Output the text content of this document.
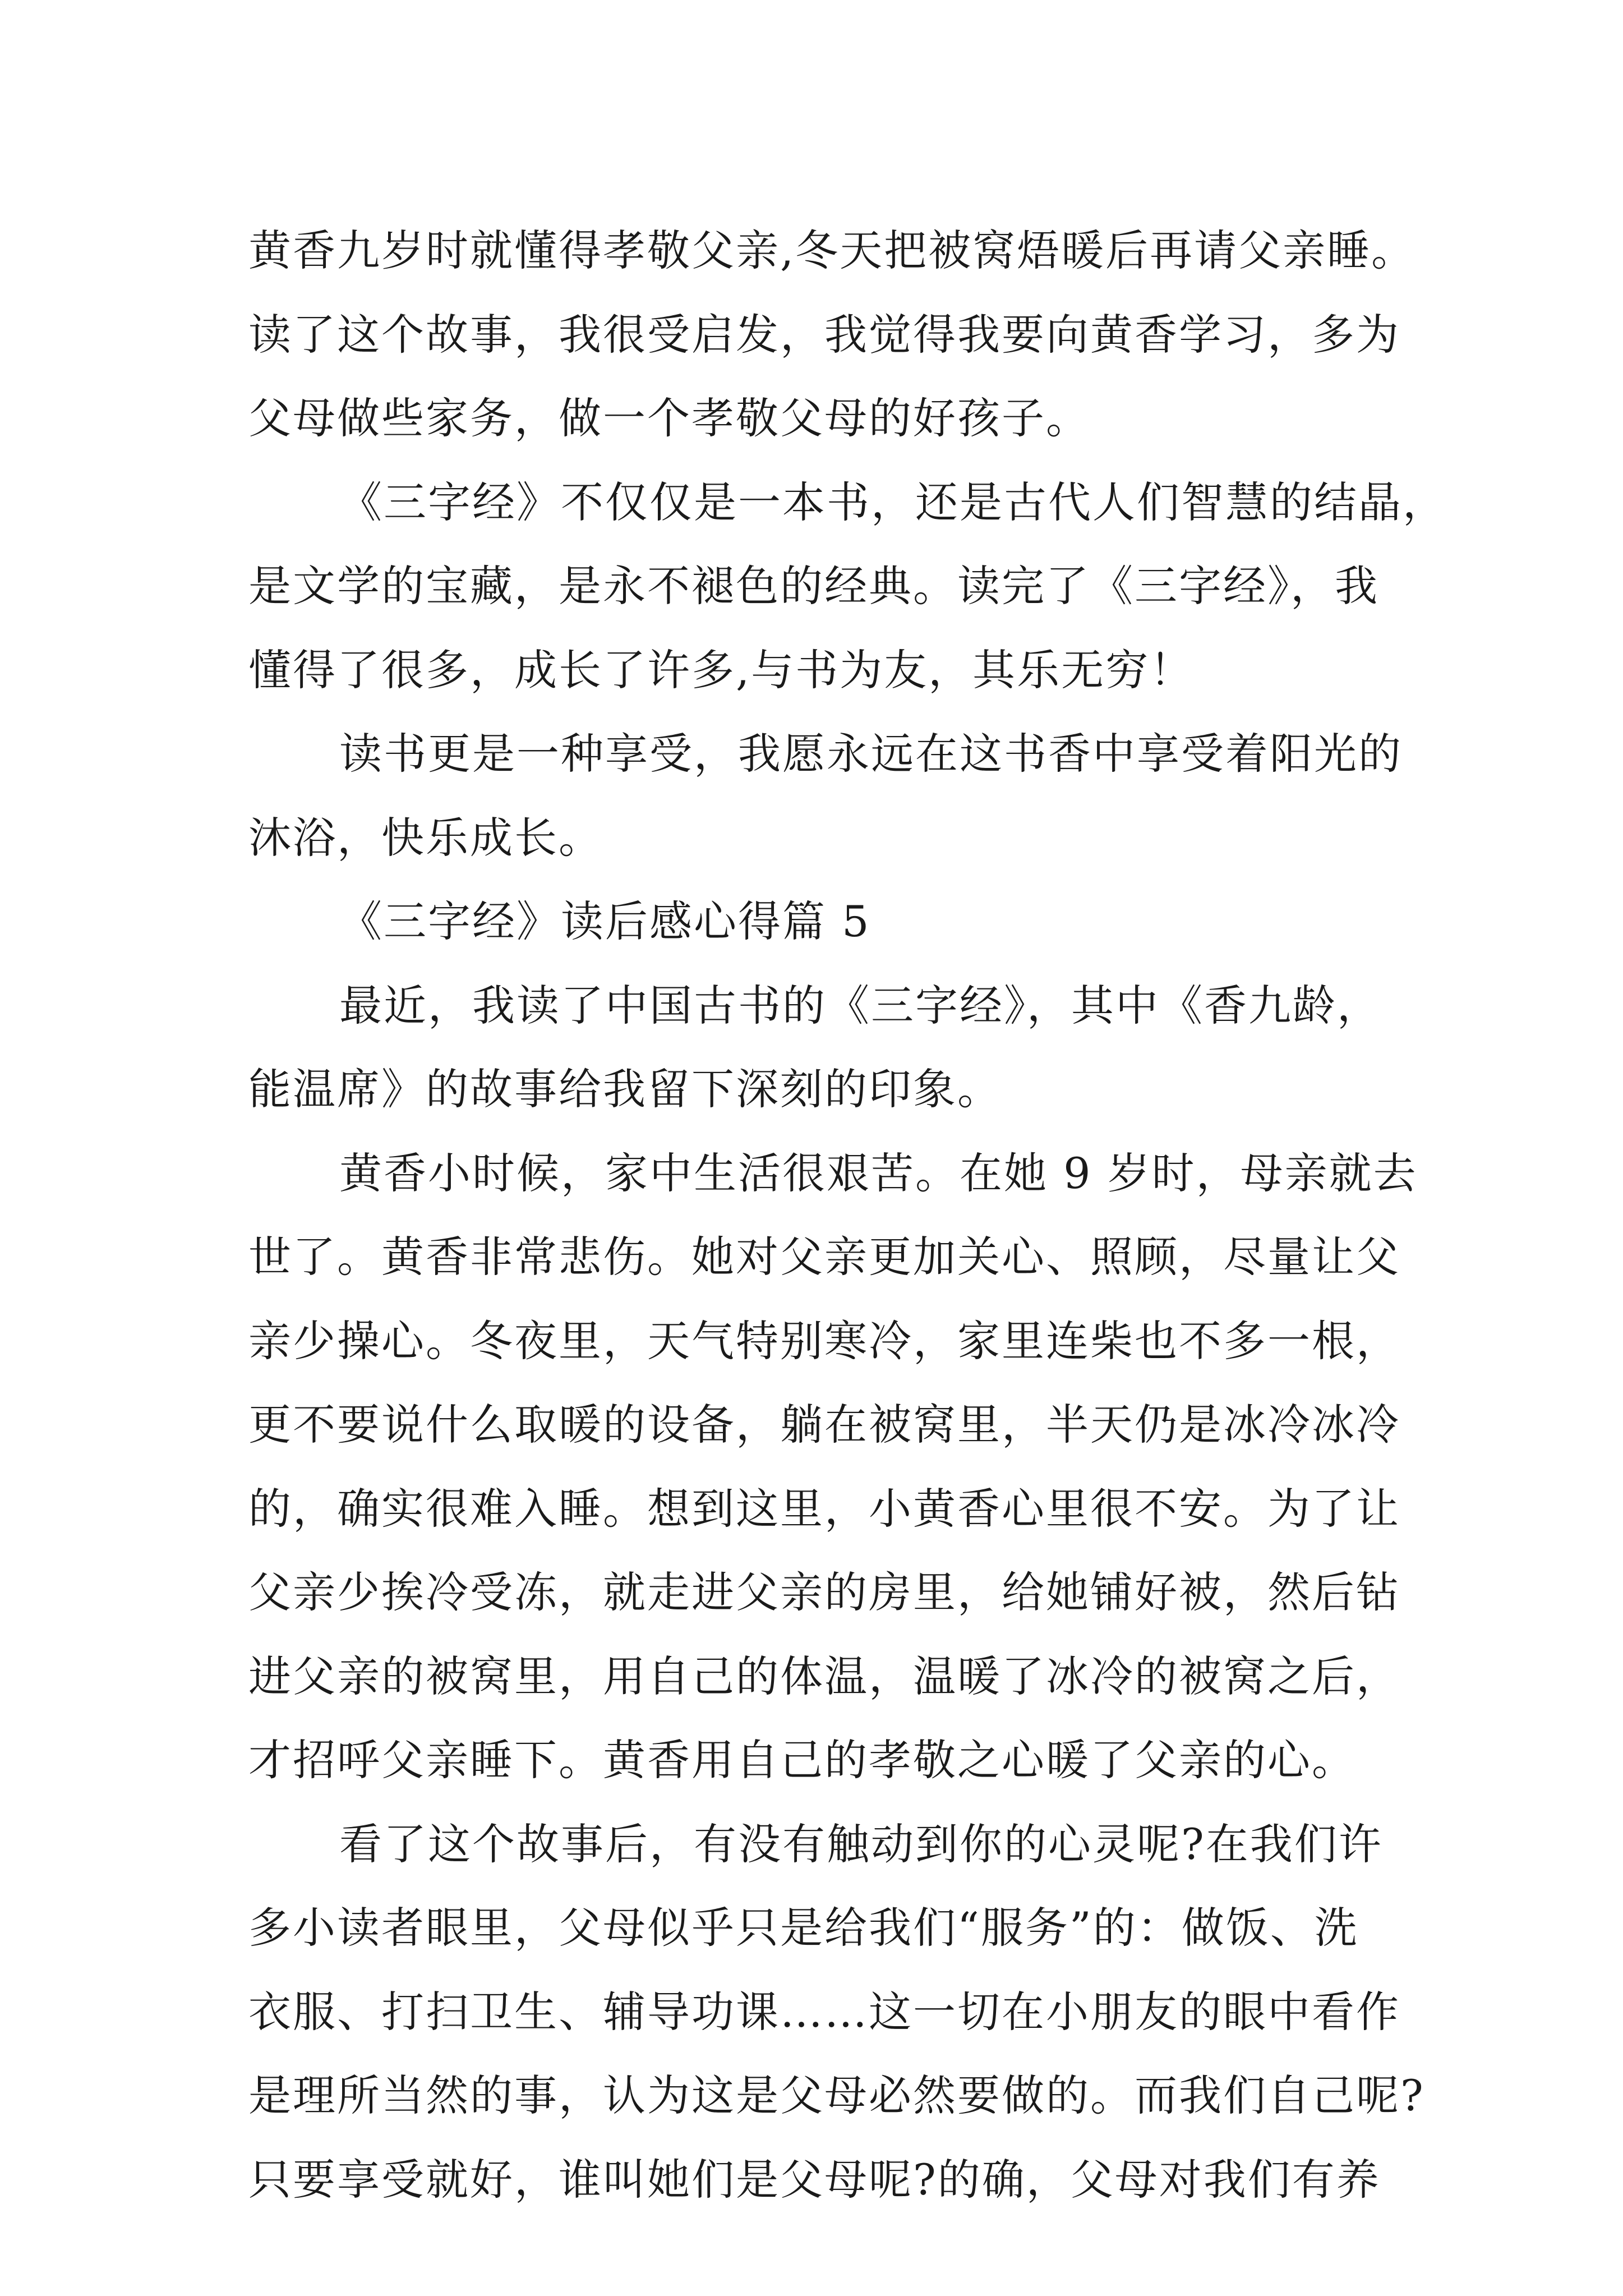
黄香九岁时就懂得孝敬父亲,冬天把被窝焐暖后再请父亲睡。
读了这个故事，我很受启发，我觉得我要向黄香学习，多为
父母做些家务，做一个孝敬父母的好孩子。
《三字经》不仅仅是一本书，还是古代人们智慧的结晶，
是文学的宝藏，是永不褪色的经典。读完了《三字经》，我
懂得了很多，成长了许多,与书为友，其乐无穷！
读书更是一种享受，我愿永远在这书香中享受着阳光的
沐浴，快乐成长。
《三字经》读后感心得篇 5
最近，我读了中国古书的《三字经》，其中《香九龄，
能温席》的故事给我留下深刻的印象。
黄香小时候，家中生活很艰苦。在她 9 岁时，母亲就去
世了。黄香非常悲伤。她对父亲更加关心、照顾，尽量让父
亲少操心。冬夜里，天气特别寒冷，家里连柴也不多一根，
更不要说什么取暖的设备，躺在被窝里，半天仍是冰冷冰冷
的，确实很难入睡。想到这里，小黄香心里很不安。为了让
父亲少挨冷受冻，就走进父亲的房里，给她铺好被，然后钻
进父亲的被窝里，用自己的体温，温暖了冰冷的被窝之后，
才招呼父亲睡下。黄香用自己的孝敬之心暖了父亲的心。
看了这个故事后，有没有触动到你的心灵呢?在我们许
多小读者眼里，父母似乎只是给我们“服务”的：做饭、洗
衣服、打扫卫生、辅导功课……这一切在小朋友的眼中看作
是理所当然的事，认为这是父母必然要做的。而我们自己呢?
只要享受就好，谁叫她们是父母呢?的确，父母对我们有养
